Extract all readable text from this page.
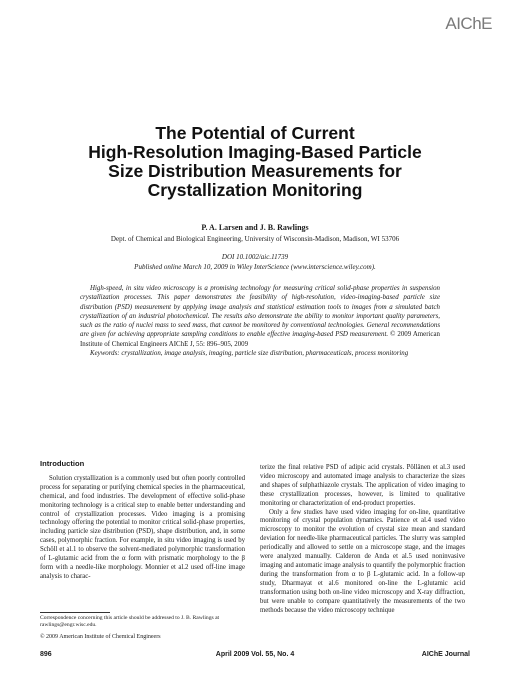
AIChE
The Potential of Current
High-Resolution Imaging-Based Particle
Size Distribution Measurements for
Crystallization Monitoring
P. A. Larsen and J. B. Rawlings
Dept. of Chemical and Biological Engineering, University of Wisconsin-Madison, Madison, WI 53706
DOI 10.1002/aic.11739
Published online March 10, 2009 in Wiley InterScience (www.interscience.wiley.com).

High-speed, in situ video microscopy is a promising technology for measuring critical solid-phase properties in suspension crystallization processes. This paper demonstrates the feasibility of high-resolution, video-imaging-based particle size distribution (PSD) measurement by applying image analysis and statistical estimation tools to images from a simulated batch crystallization of an industrial photochemical. The results also demonstrate the ability to monitor important quality parameters, such as the ratio of nuclei mass to seed mass, that cannot be monitored by conventional technologies. General recommendations are given for achieving appropriate sampling conditions to enable effective imaging-based PSD measurement. © 2009 American Institute of Chemical Engineers AIChE J, 55: 896–905, 2009

Keywords: crystallization, image analysis, imaging, particle size distribution, pharmaceuticals, process monitoring

Introduction

Solution crystallization is a commonly used but often poorly controlled process for separating or purifying chemical species in the pharmaceutical, chemical, and food industries. The development of effective solid-phase monitoring technology is a critical step to enable better understanding and control of crystallization processes. Video imaging is a promising technology offering the potential to monitor critical solid-phase properties, including particle size distribution (PSD), shape distribution, and, in some cases, polymorphic fraction. For example, in situ video imaging is used by Schöll et al.1 to observe the solvent-mediated polymorphic transformation of L-glutamic acid from the α form with prismatic morphology to the β form with a needle-like morphology. Monnier et al.2 used off-line image analysis to charac-

terize the final relative PSD of adipic acid crystals. Pöllänen et al.3 used video microscopy and automated image analysis to characterize the sizes and shapes of sulphathiazole crystals. The application of video imaging to these crystallization processes, however, is limited to qualitative monitoring or characterization of end-product properties.

Only a few studies have used video imaging for on-line, quantitative monitoring of crystal population dynamics. Patience et al.4 used video microscopy to monitor the evolution of crystal size mean and standard deviation for needle-like pharmaceutical particles. The slurry was sampled periodically and allowed to settle on a microscope stage, and the images were analyzed manually. Calderon de Anda et al.5 used noninvasive imaging and automatic image analysis to quantify the polymorphic fraction during the transformation from α to β L-glutamic acid. In a follow-up study, Dharmayat et al.6 monitored on-line the L-glutamic acid transformation using both on-line video microscopy and X-ray diffraction, but were unable to compare quantitatively the measurements of the two methods because the video microscopy technique

Correspondence concerning this article should be addressed to J. B. Rawlings at rawlings@engr.wisc.edu.

© 2009 American Institute of Chemical Engineers
896	April 2009 Vol. 55, No. 4	AIChE Journal
